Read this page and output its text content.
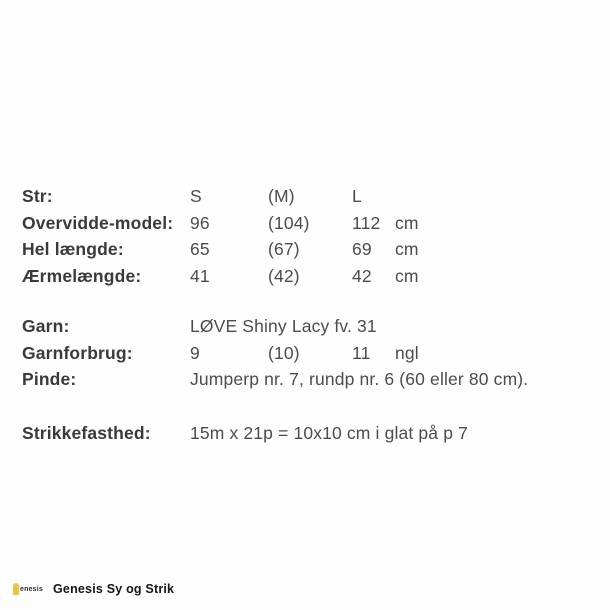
Str:	S	(M)	L
Overvidde-model: 96	(104)	112 cm
Hel længde:	65	(67)	69	cm
Ærmelængde:	41	(42)	42	cm
Garn:	LØVE Shiny Lacy fv. 31
Garnforbrug:	9	(10)	11	ngl
Pinde:	Jumperp nr. 7, rundp nr. 6 (60 eller 80 cm).
Strikkefasthed:	15m x 21p = 10x10 cm i glat på p 7
enesis Genesis Sy og Strik
